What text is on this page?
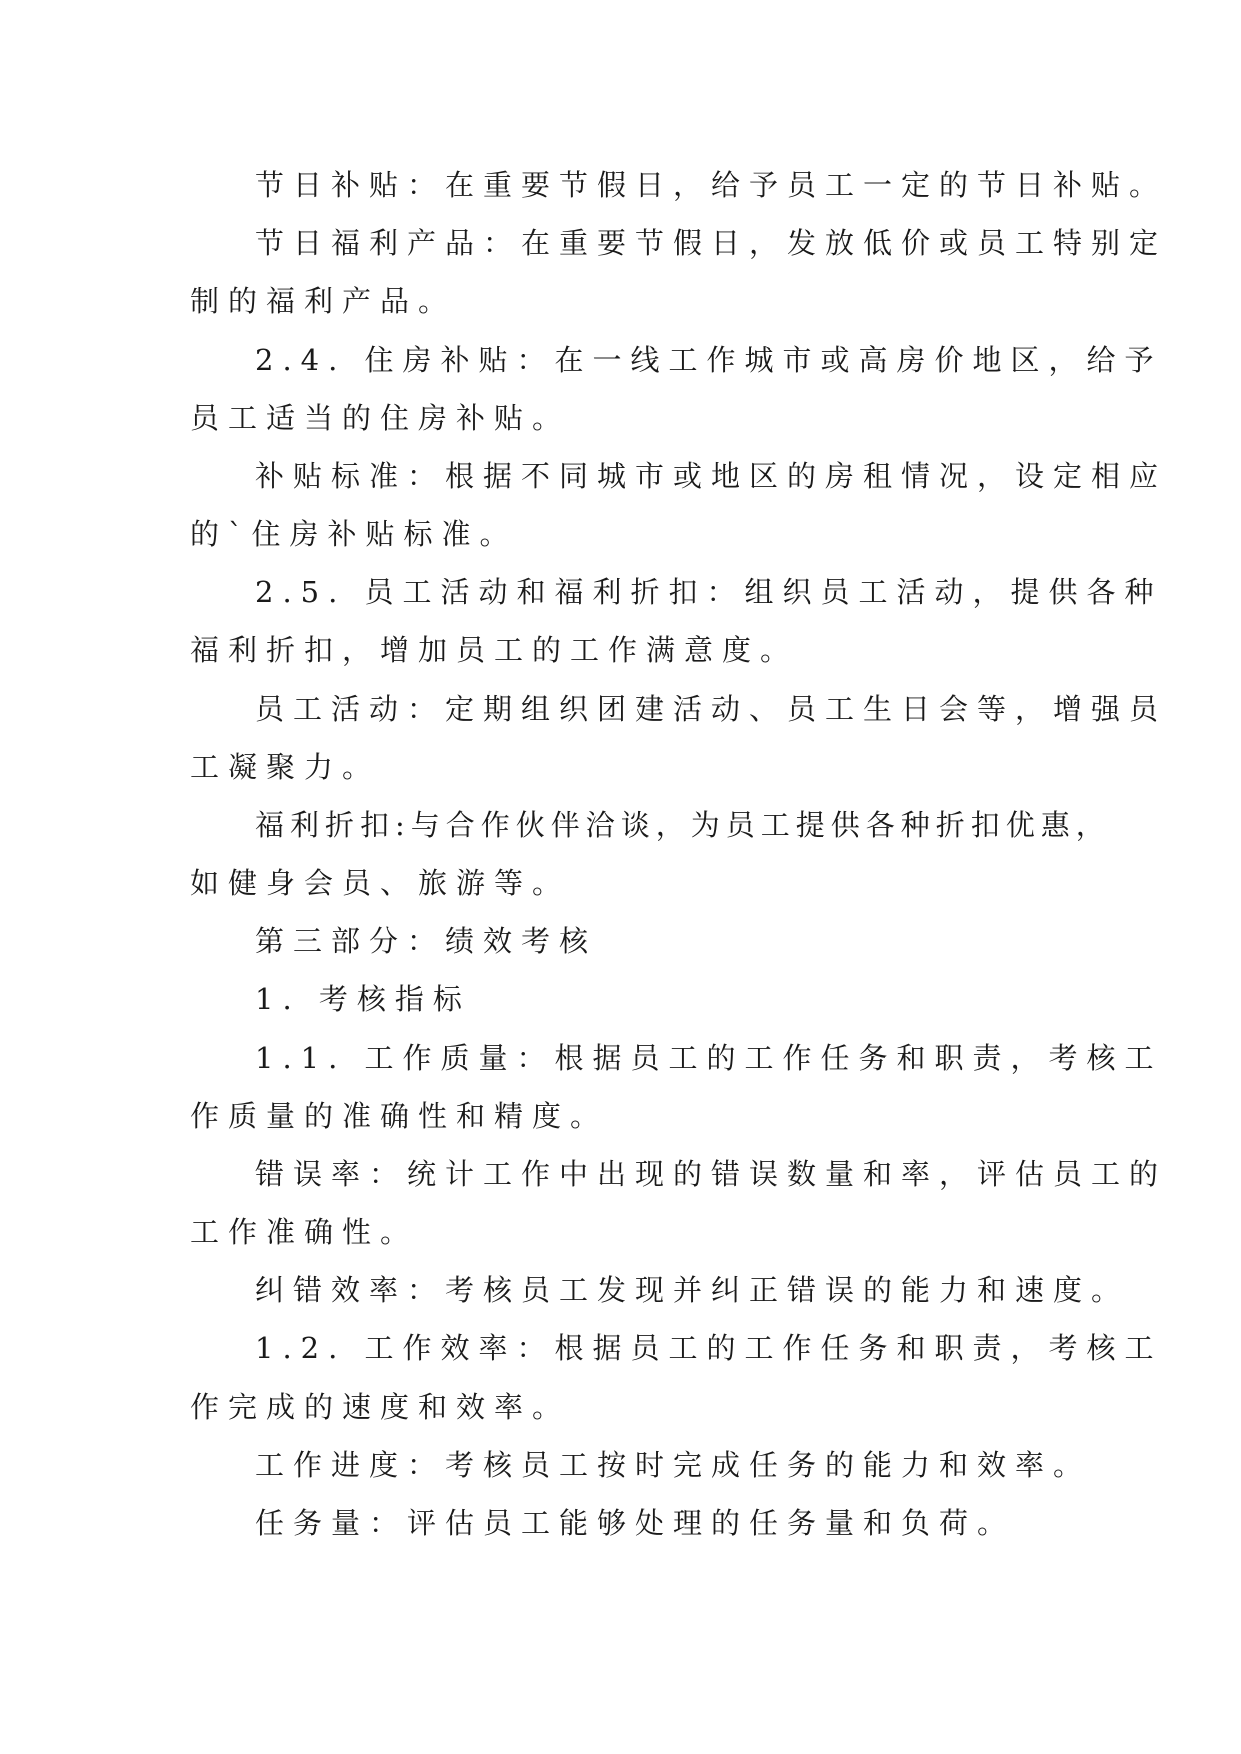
节日补贴：在重要节假日，给予员工一定的节日补贴。
节日福利产品：在重要节假日，发放低价或员工特别定
制的福利产品。
2.4. 住房补贴：在一线工作城市或高房价地区，给予
员工适当的住房补贴。
补贴标准：根据不同城市或地区的房租情况，设定相应
的`住房补贴标准。
2.5. 员工活动和福利折扣：组织员工活动，提供各种
福利折扣，增加员工的工作满意度。
员工活动：定期组织团建活动、员工生日会等，增强员
工凝聚力。
福利折扣:与合作伙伴洽谈，为员工提供各种折扣优惠，
如健身会员、旅游等。
第三部分：绩效考核
1. 考核指标
1.1. 工作质量：根据员工的工作任务和职责，考核工
作质量的准确性和精度。
错误率：统计工作中出现的错误数量和率，评估员工的
工作准确性。
纠错效率：考核员工发现并纠正错误的能力和速度。
1.2. 工作效率：根据员工的工作任务和职责，考核工
作完成的速度和效率。
工作进度：考核员工按时完成任务的能力和效率。
任务量：评估员工能够处理的任务量和负荷。
